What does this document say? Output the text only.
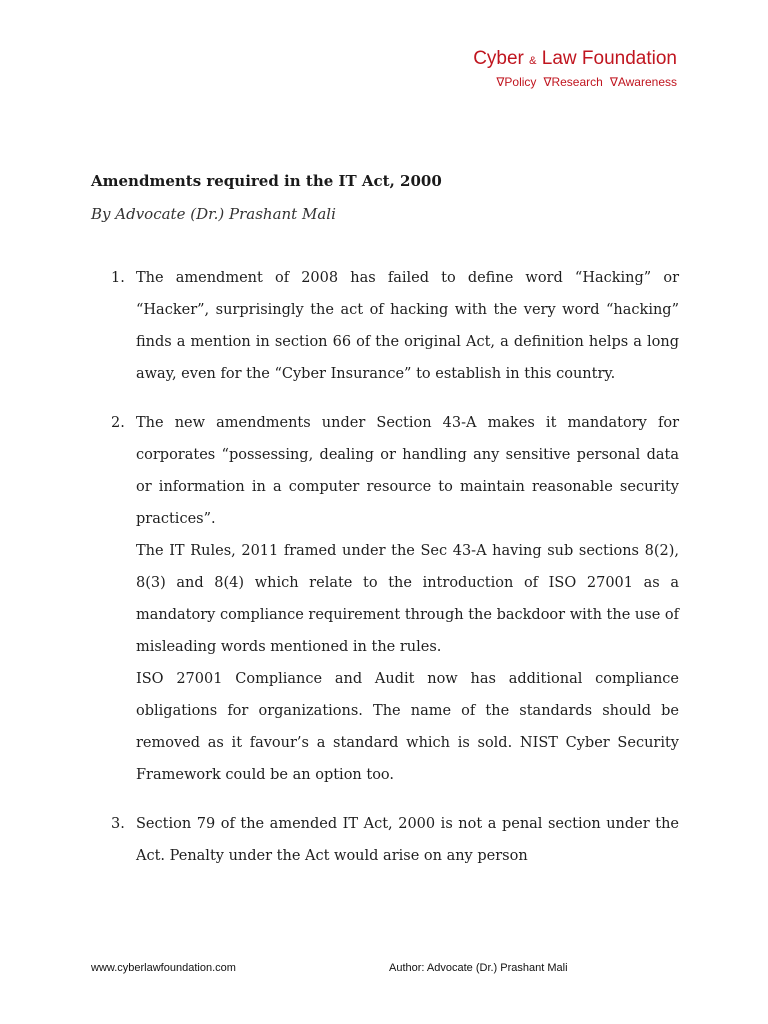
Cyber & Law Foundation
∇Policy ∇Research ∇Awareness
Amendments required in the IT Act, 2000
By Advocate (Dr.) Prashant Mali
1. The amendment of 2008 has failed to define word “Hacking” or “Hacker”, surprisingly the act of hacking with the very word “hacking” finds a mention in section 66 of the original Act, a definition helps a long away, even for the “Cyber Insurance” to establish in this country.

2. The new amendments under Section 43-A makes it mandatory for corporates “possessing, dealing or handling any sensitive personal data or information in a computer resource to maintain reasonable security practices”.

The IT Rules, 2011 framed under the Sec 43-A having sub sections 8(2), 8(3) and 8(4) which relate to the introduction of ISO 27001 as a mandatory compliance requirement through the backdoor with the use of misleading words mentioned in the rules.

ISO 27001 Compliance and Audit now has additional compliance obligations for organizations. The name of the standards should be removed as it favour’s a standard which is sold. NIST Cyber Security Framework could be an option too.

3. Section 79 of the amended IT Act, 2000 is not a penal section under the Act. Penalty under the Act would arise on any person

www.cyberlawfoundation.com	Author: Advocate (Dr.) Prashant Mali
